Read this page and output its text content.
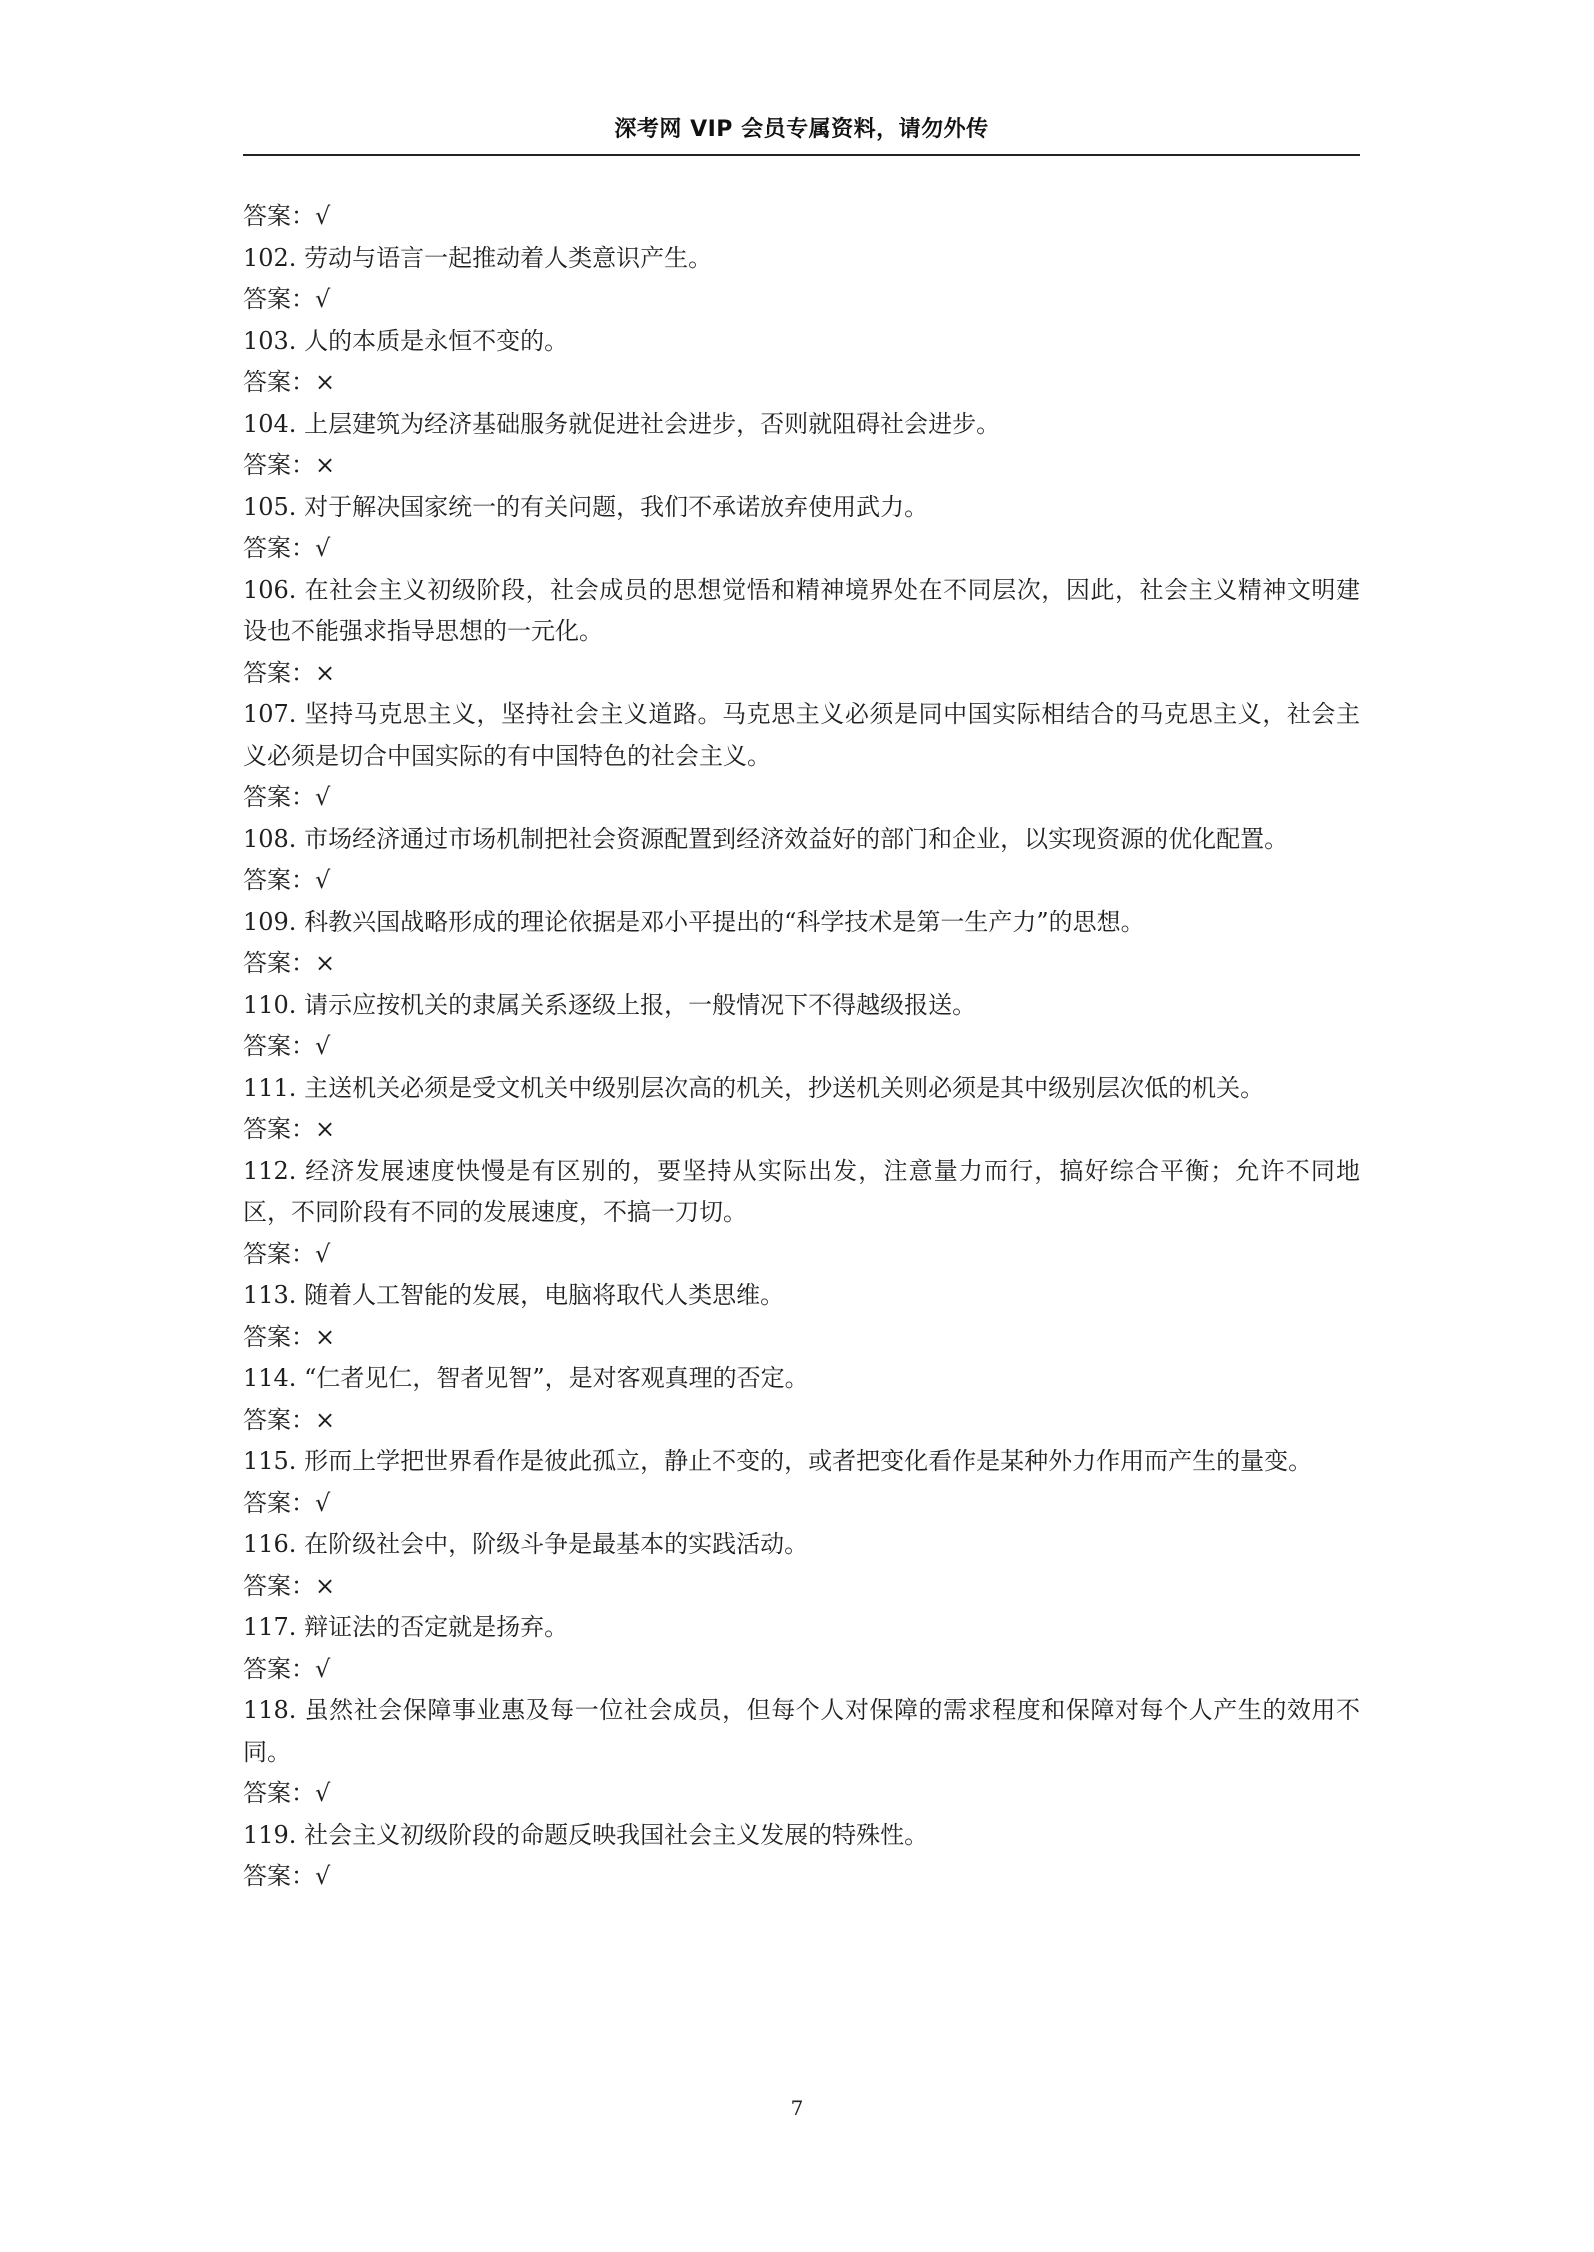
深考网 VIP 会员专属资料，请勿外传
答案：√
102. 劳动与语言一起推动着人类意识产生。
答案：√
103. 人的本质是永恒不变的。
答案：×
104. 上层建筑为经济基础服务就促进社会进步，否则就阻碍社会进步。
答案：×
105. 对于解决国家统一的有关问题，我们不承诺放弃使用武力。
答案：√
106. 在社会主义初级阶段，社会成员的思想觉悟和精神境界处在不同层次，因此，社会主义精神文明建设也不能强求指导思想的一元化。
答案：×
107. 坚持马克思主义，坚持社会主义道路。马克思主义必须是同中国实际相结合的马克思主义，社会主义必须是切合中国实际的有中国特色的社会主义。
答案：√
108. 市场经济通过市场机制把社会资源配置到经济效益好的部门和企业，以实现资源的优化配置。
答案：√
109. 科教兴国战略形成的理论依据是邓小平提出的“科学技术是第一生产力”的思想。
答案：×
110. 请示应按机关的隶属关系逐级上报，一般情况下不得越级报送。
答案：√
111. 主送机关必须是受文机关中级别层次高的机关，抄送机关则必须是其中级别层次低的机关。
答案：×
112. 经济发展速度快慢是有区别的，要坚持从实际出发，注意量力而行，搞好综合平衡；允许不同地区，不同阶段有不同的发展速度，不搞一刀切。
答案：√
113. 随着人工智能的发展，电脑将取代人类思维。
答案：×
114. “仁者见仁，智者见智”，是对客观真理的否定。
答案：×
115. 形而上学把世界看作是彼此孤立，静止不变的，或者把变化看作是某种外力作用而产生的量变。
答案：√
116. 在阶级社会中，阶级斗争是最基本的实践活动。
答案：×
117. 辩证法的否定就是扬弃。
答案：√
118. 虽然社会保障事业惠及每一位社会成员，但每个人对保障的需求程度和保障对每个人产生的效用不同。
答案：√
119. 社会主义初级阶段的命题反映我国社会主义发展的特殊性。
答案：√
7
